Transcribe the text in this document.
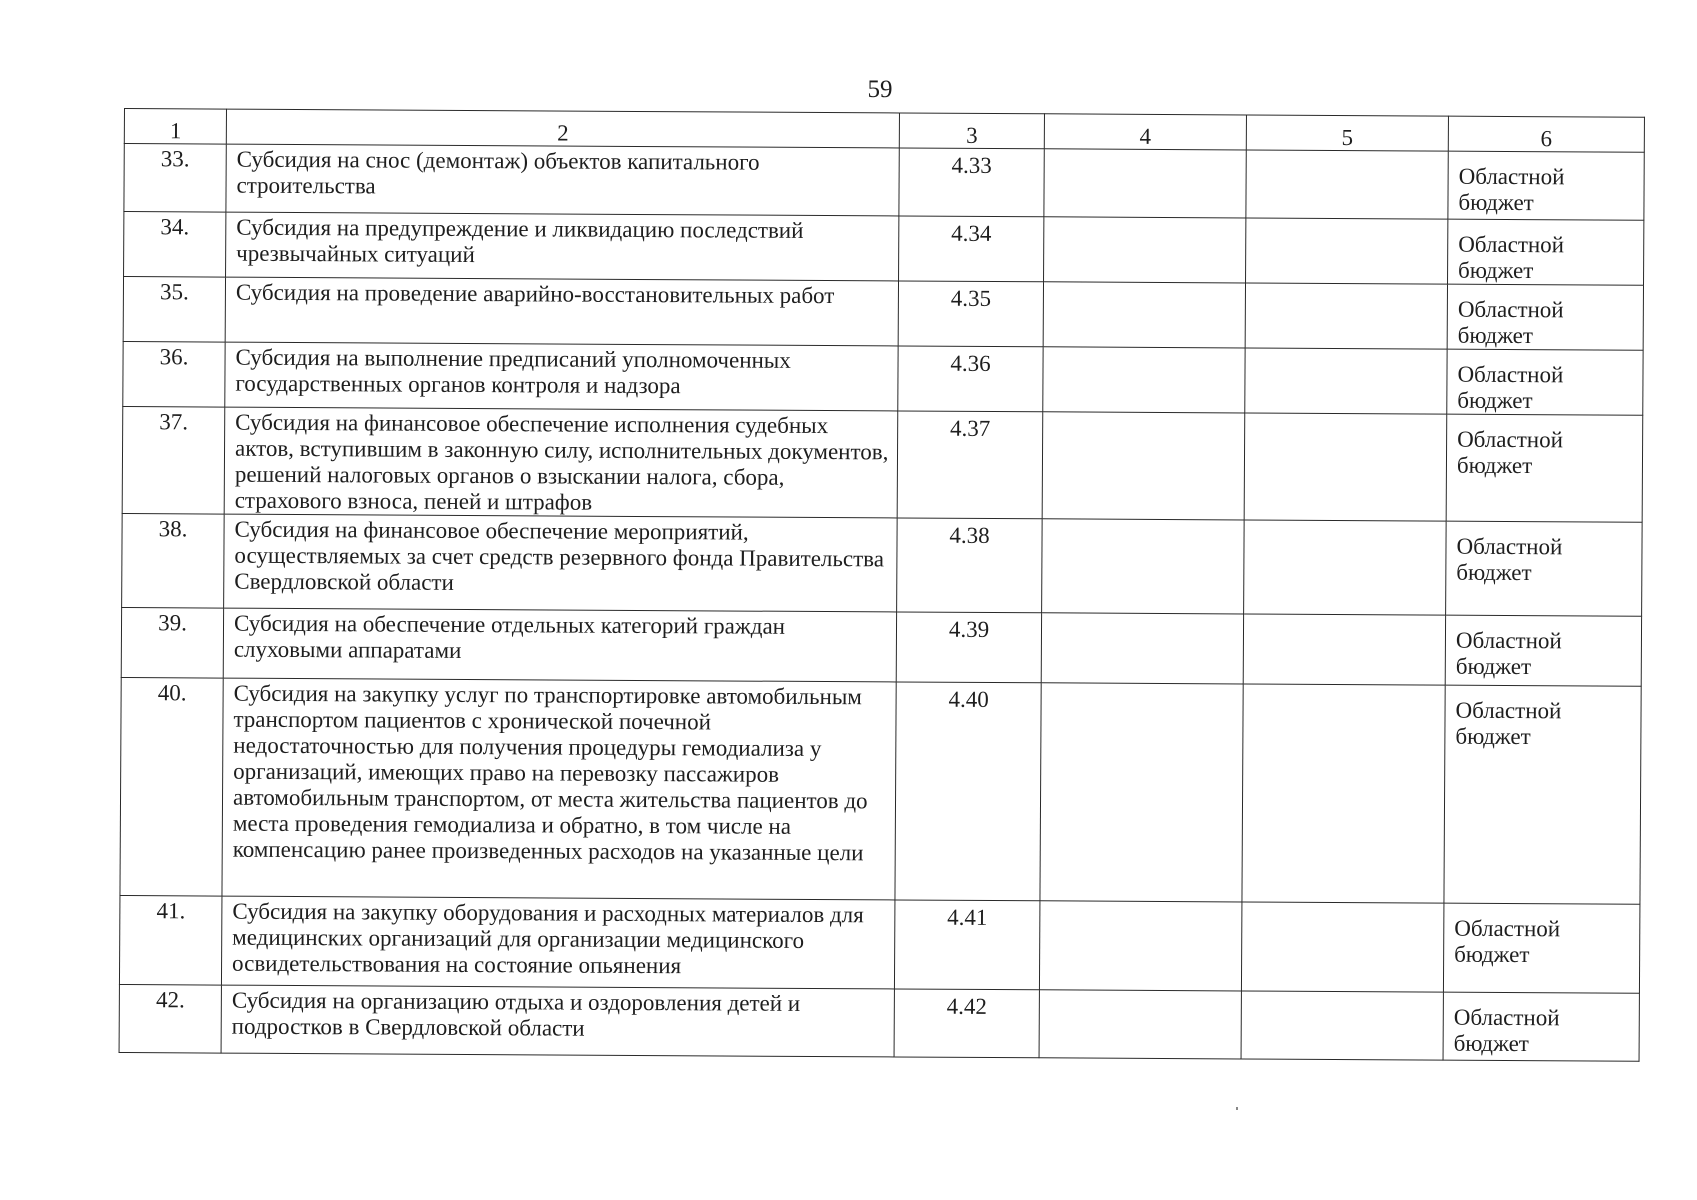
59
1	2	3	4	5	6
33.	Субсидия на снос (демонтаж) объектов капитального строительства	4.33			Областной бюджет
34.	Субсидия на предупреждение и ликвидацию последствий чрезвычайных ситуаций	4.34			Областной бюджет
35.	Субсидия на проведение аварийно-восстановительных работ	4.35			Областной бюджет
36.	Субсидия на выполнение предписаний уполномоченных государственных органов контроля и надзора	4.36			Областной бюджет
37.	Субсидия на финансовое обеспечение исполнения судебных актов, вступившим в законную силу, исполнительных документов, решений налоговых органов о взыскании налога, сбора, страхового взноса, пеней и штрафов	4.37			Областной бюджет
38.	Субсидия на финансовое обеспечение мероприятий, осуществляемых за счет средств резервного фонда Правительства Свердловской области	4.38			Областной бюджет
39.	Субсидия на обеспечение отдельных категорий граждан слуховыми аппаратами	4.39			Областной бюджет
40.	Субсидия на закупку услуг по транспортировке автомобильным транспортом пациентов с хронической почечной недостаточностью для получения процедуры гемодиализа у организаций, имеющих право на перевозку пассажиров автомобильным транспортом, от места жительства пациентов до места проведения гемодиализа и обратно, в том числе на компенсацию ранее произведенных расходов на указанные цели	4.40			Областной бюджет
41.	Субсидия на закупку оборудования и расходных материалов для медицинских организаций для организации медицинского освидетельствования на состояние опьянения	4.41			Областной бюджет
42.	Субсидия на организацию отдыха и оздоровления детей и подростков в Свердловской области	4.42			Областной бюджет
